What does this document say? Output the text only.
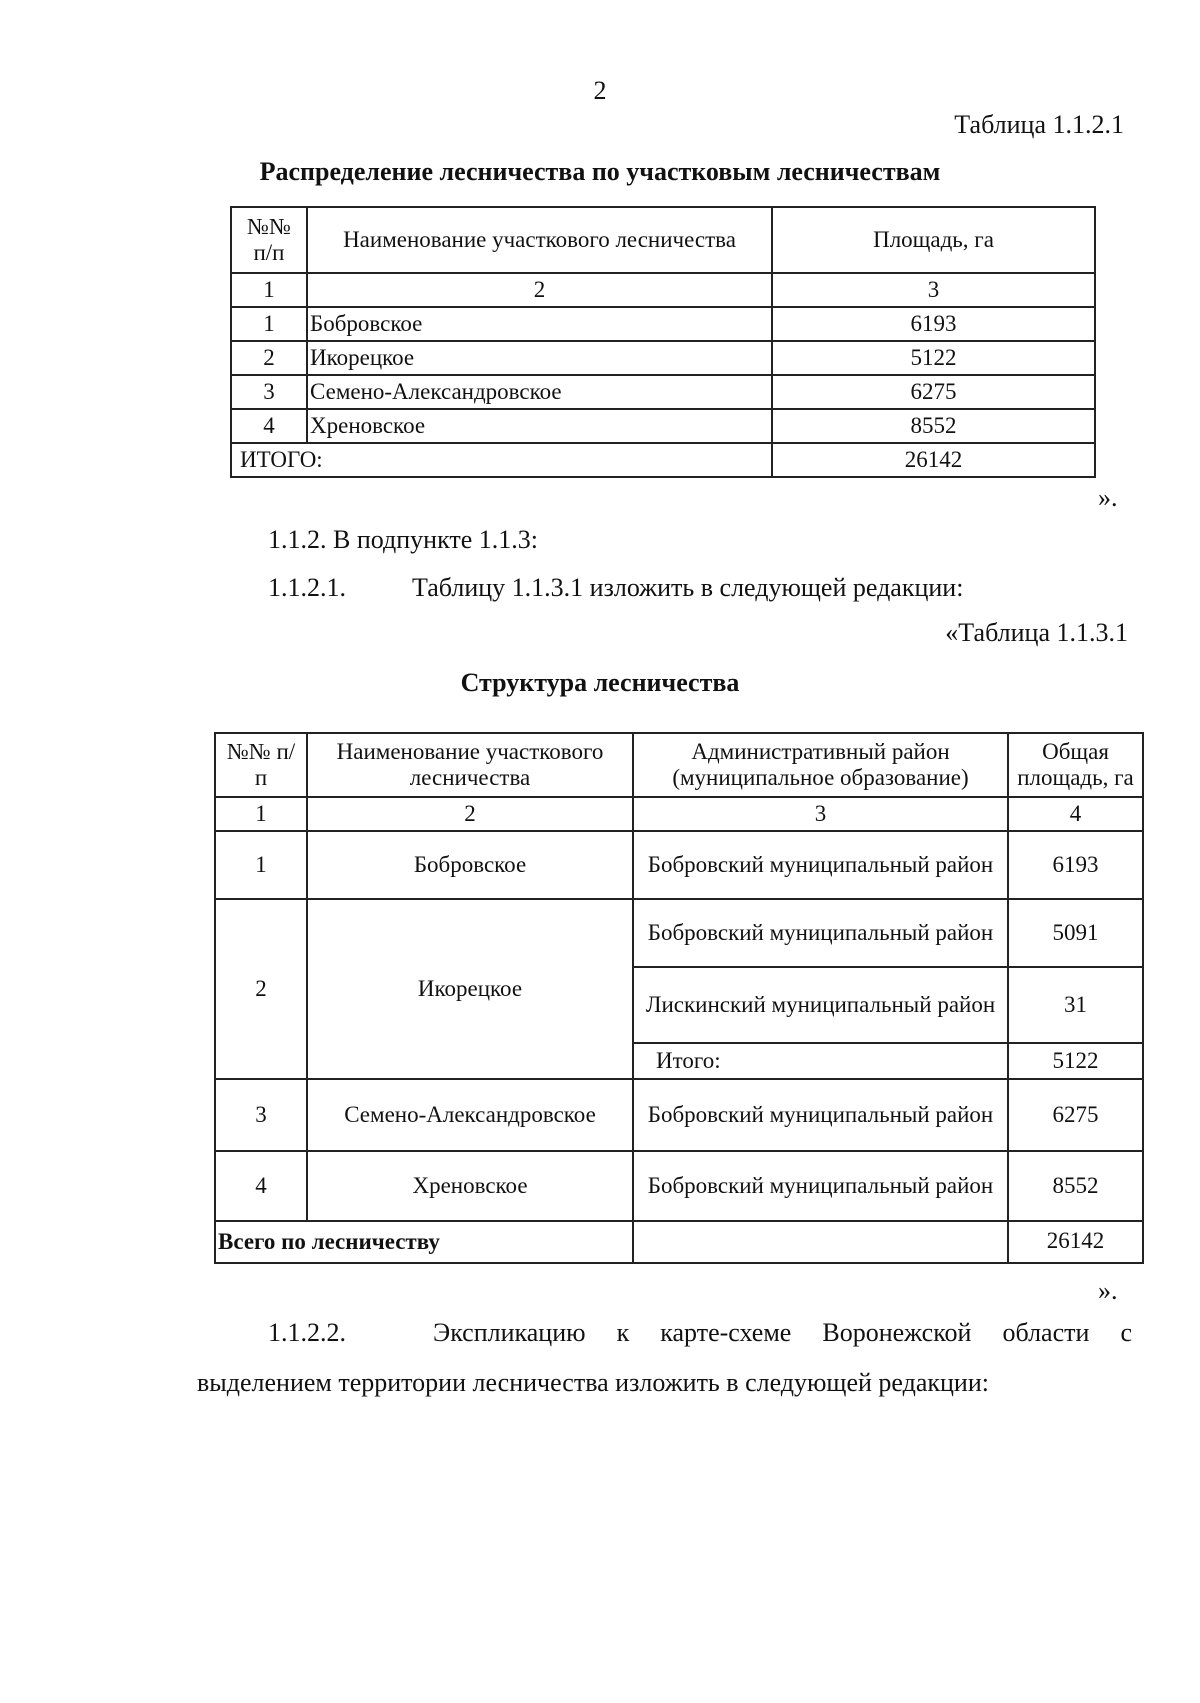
2
Таблица 1.1.2.1
Распределение лесничества по участковым лесничествам
№№ п/п	Наименование участкового лесничества	Площадь, га
1	2	3
1	Бобровское	6193
2	Икорецкое	5122
3	Семено-Александровское	6275
4	Хреновское	8552
ИТОГО:		26142
».
1.1.2. В подпункте 1.1.3:
1.1.2.1.	Таблицу 1.1.3.1 изложить в следующей редакции:
«Таблица 1.1.3.1
Структура лесничества
№№ п/п	Наименование участкового лесничества	Административный район (муниципальное образование)	Общая площадь, га
1	2	3	4
1	Бобровское	Бобровский муниципальный район	6193
2	Икорецкое	Бобровский муниципальный район	5091
		Лискинский муниципальный район	31
		Итого:	5122
3	Семено-Александровское	Бобровский муниципальный район	6275
4	Хреновское	Бобровский муниципальный район	8552
Всего по лесничеству			26142
».
1.1.2.2.	Экспликацию к карте-схеме Воронежской области с
выделением территории лесничества изложить в следующей редакции:
